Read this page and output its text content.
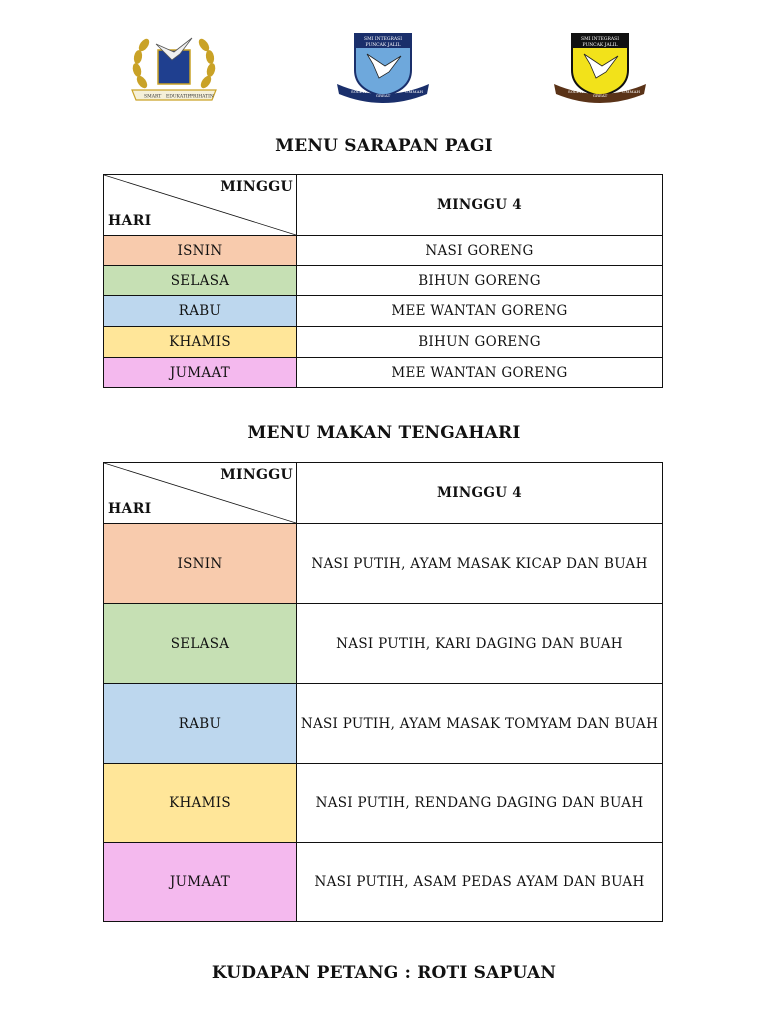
SMART EDUKATIF PRIHATIN
SMI INTEGRASI
PUNCAK JALIL
SOLEH
GREAT
UMMAH
SMI INTEGRASI
PUNCAK JALIL
SOLEH
GREAT
UMMAH
MENU SARAPAN PAGI
MINGGU
HARI	MINGGU 4
ISNIN	NASI GORENG
SELASA	BIHUN GORENG
RABU	MEE WANTAN GORENG
KHAMIS	BIHUN GORENG
JUMAAT	MEE WANTAN GORENG
MENU MAKAN TENGAHARI
MINGGU
HARI	MINGGU 4
ISNIN	NASI PUTIH, AYAM MASAK KICAP DAN BUAH
SELASA	NASI PUTIH, KARI DAGING DAN BUAH
RABU	NASI PUTIH, AYAM MASAK TOMYAM DAN BUAH
KHAMIS	NASI PUTIH, RENDANG DAGING DAN BUAH
JUMAAT	NASI PUTIH, ASAM PEDAS AYAM DAN BUAH
KUDAPAN PETANG : ROTI SAPUAN
